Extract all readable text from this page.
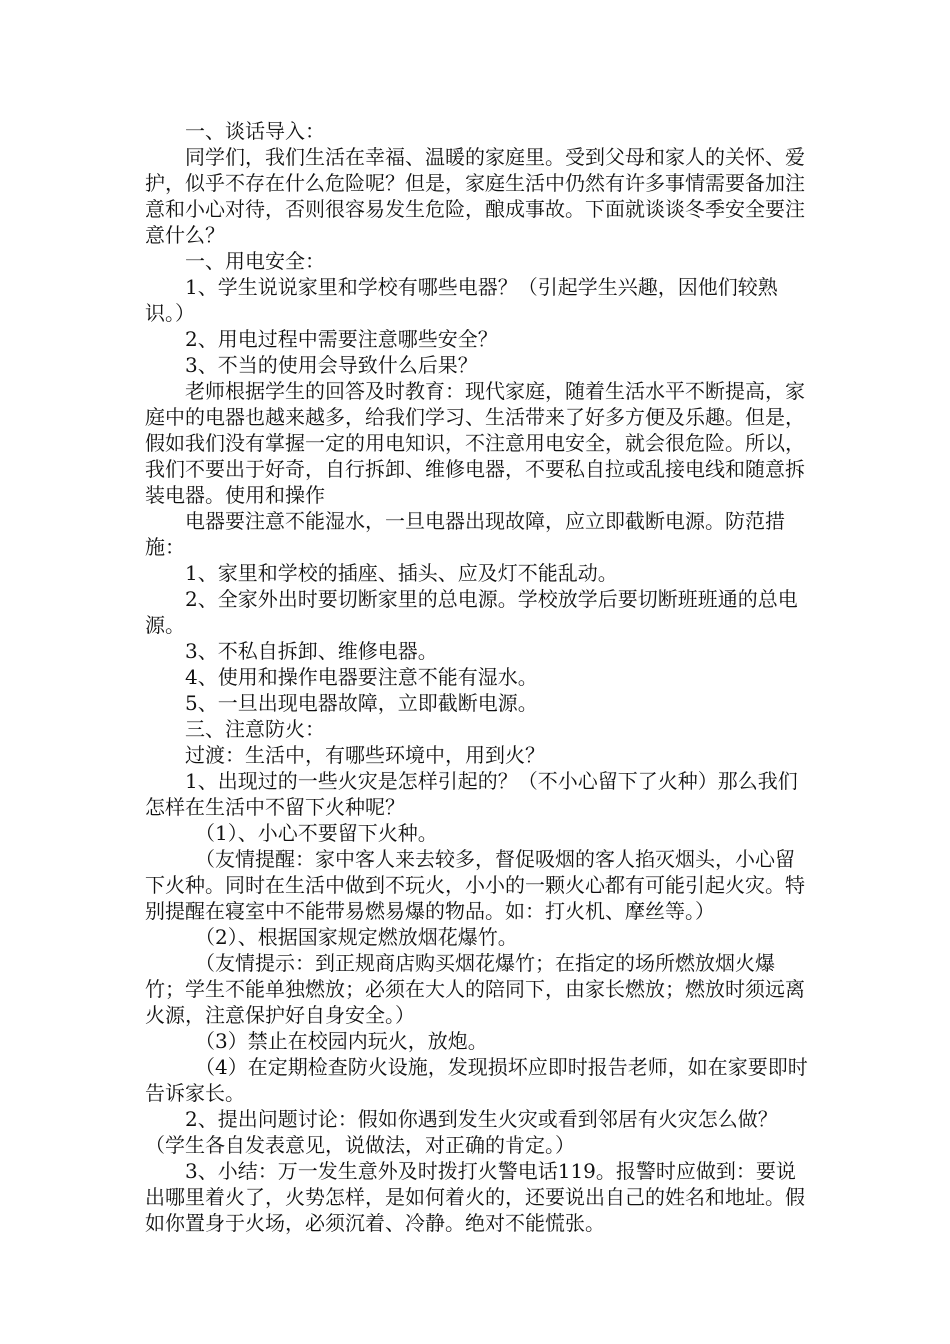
一、谈话导入：

同学们，我们生活在幸福、温暖的家庭里。受到父母和家人的关怀、爱护，似乎不存在什么危险呢？但是，家庭生活中仍然有许多事情需要备加注意和小心对待，否则很容易发生危险，酿成事故。下面就谈谈冬季安全要注意什么？

一、用电安全：

1、学生说说家里和学校有哪些电器？（引起学生兴趣，因他们较熟识。）

2、用电过程中需要注意哪些安全？

3、不当的使用会导致什么后果？

老师根据学生的回答及时教育：现代家庭，随着生活水平不断提高，家庭中的电器也越来越多，给我们学习、生活带来了好多方便及乐趣。但是，假如我们没有掌握一定的用电知识，不注意用电安全，就会很危险。所以，我们不要出于好奇，自行拆卸、维修电器，不要私自拉或乱接电线和随意拆装电器。使用和操作

电器要注意不能湿水，一旦电器出现故障，应立即截断电源。防范措施：

1、家里和学校的插座、插头、应及灯不能乱动。

2、全家外出时要切断家里的总电源。学校放学后要切断班班通的总电源。

3、不私自拆卸、维修电器。

4、使用和操作电器要注意不能有湿水。

5、一旦出现电器故障，立即截断电源。

三、注意防火：

过渡：生活中，有哪些环境中，用到火？

1、出现过的一些火灾是怎样引起的？（不小心留下了火种）那么我们怎样在生活中不留下火种呢？

（1）、小心不要留下火种。

（友情提醒：家中客人来去较多，督促吸烟的客人掐灭烟头，小心留下火种。同时在生活中做到不玩火，小小的一颗火心都有可能引起火灾。特别提醒在寝室中不能带易燃易爆的物品。如：打火机、摩丝等。）

（2）、根据国家规定燃放烟花爆竹。

（友情提示：到正规商店购买烟花爆竹；在指定的场所燃放烟火爆竹；学生不能单独燃放；必须在大人的陪同下，由家长燃放；燃放时须远离火源，注意保护好自身安全。）

（3）禁止在校园内玩火，放炮。

（4）在定期检查防火设施，发现损坏应即时报告老师，如在家要即时告诉家长。

2、提出问题讨论：假如你遇到发生火灾或看到邻居有火灾怎么做？（学生各自发表意见，说做法，对正确的肯定。）

3、小结：万一发生意外及时拨打火警电话119。报警时应做到：要说出哪里着火了，火势怎样，是如何着火的，还要说出自己的姓名和地址。假如你置身于火场，必须沉着、冷静。绝对不能慌张。
